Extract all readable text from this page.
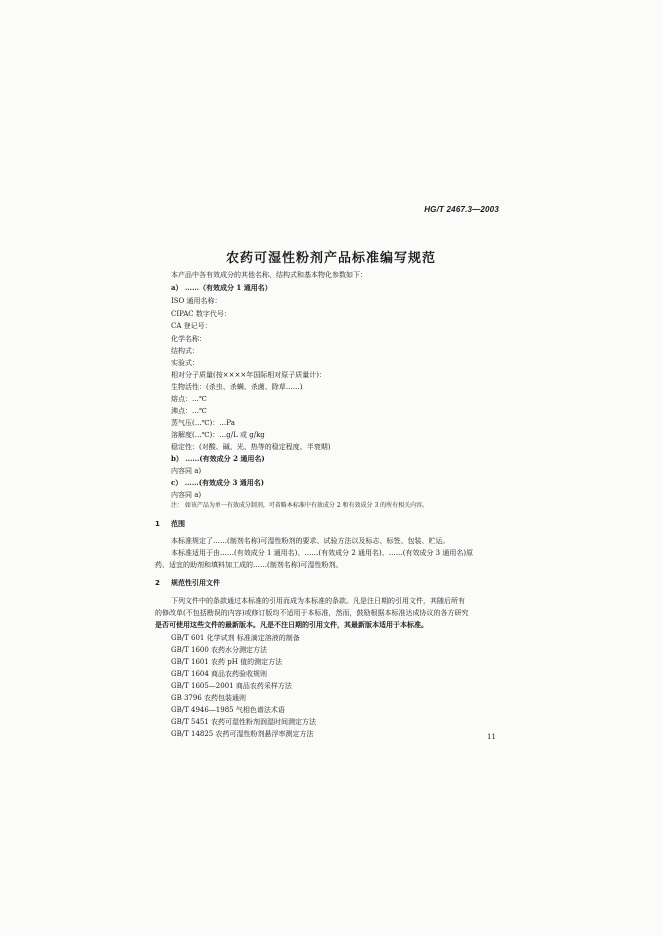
HG/T 2467.3—2003
农药可湿性粉剂产品标准编写规范
本产品中各有效成分的其他名称、结构式和基本物化参数如下：
a） ……（有效成分 1 通用名）
ISO 通用名称：
CIPAC 数字代号：
CA 登记号：
化学名称：
结构式：
实验式：
相对分子质量(按××××年国际相对原子质量计)：
生物活性：(杀虫、杀螨、杀菌、除草……)
熔点：…℃
沸点：…℃
蒸气压(…℃)：…Pa
溶解度(…℃)：…g/L 或 g/kg
稳定性：(对酸、碱、光、热等的稳定程度、半衰期)
b） ……(有效成分 2 通用名)
内容同 a)
c） ……(有效成分 3 通用名)
内容同 a)
注： 如该产品为单一有效成分制剂，可省略本标准中有效成分 2 和有效成分 3 的所有相关内容。
1 范围
本标准规定了……(制剂名称)可湿性粉剂的要求、试验方法以及标志、标签、包装、贮运。
本标准适用于由……(有效成分 1 通用名)、……(有效成分 2 通用名)、……(有效成分 3 通用名)原
药、适宜的助剂和填料加工成的……(制剂名称)可湿性粉剂。
2 规范性引用文件
下列文件中的条款通过本标准的引用而成为本标准的条款。凡是注日期的引用文件，其随后所有
的修改单(不包括勘误的内容)或修订版均不适用于本标准，然而，鼓励根据本标准达成协议的各方研究
是否可使用这些文件的最新版本。凡是不注日期的引用文件，其最新版本适用于本标准。
GB/T 601 化学试剂 标准滴定溶液的制备
GB/T 1600 农药水分测定方法
GB/T 1601 农药 pH 值的测定方法
GB/T 1604 商品农药验收规则
GB/T 1605—2001 商品农药采样方法
GB 3796 农药包装通则
GB/T 4946—1985 气相色谱法术语
GB/T 5451 农药可湿性粉剂润湿时间测定方法
GB/T 14825 农药可湿性粉剂悬浮率测定方法	11
